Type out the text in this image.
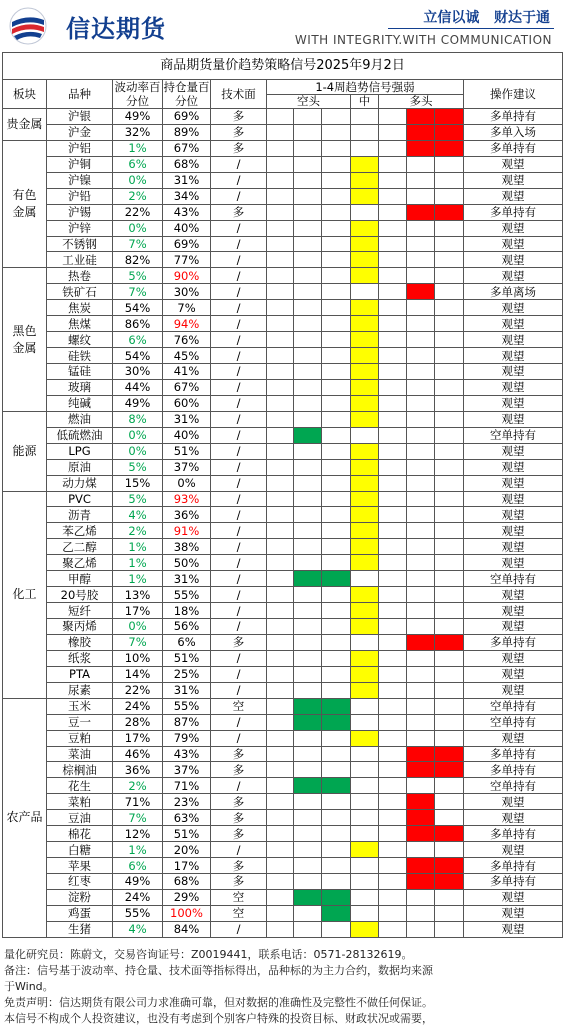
信达期货	立信以诚   财达于通
WITH INTEGRITY.WITH COMMUNICATION
商品期货量价趋势策略信号2025年9月2日												
板块	品种	波动率百分位	持仓量百分位	技术面	1-4周趋势信号强弱							操作建议
					空头			中	多头			
贵金属	沪银	49%	69%	多								多单持有
	沪金	32%	89%	多								多单入场
有色金属	沪铝	1%	67%	多								多单持有
	沪铜	6%	68%	/								观望
	沪镍	0%	31%	/								观望
	沪铅	2%	34%	/								观望
	沪锡	22%	43%	多								多单持有
	沪锌	0%	40%	/								观望
	不锈钢	7%	69%	/								观望
	工业硅	82%	77%	/								观望
黑色金属	热卷	5%	90%	/								观望
	铁矿石	7%	30%	/								多单离场
	焦炭	54%	7%	/								观望
	焦煤	86%	94%	/								观望
	螺纹	6%	76%	/								观望
	硅铁	54%	45%	/								观望
	锰硅	30%	41%	/								观望
	玻璃	44%	67%	/								观望
	纯碱	49%	60%	/								观望
能源	燃油	8%	31%	/								观望
	低硫燃油	0%	40%	/								空单持有
	LPG	0%	51%	/								观望
	原油	5%	37%	/								观望
	动力煤	15%	0%	/								观望
化工	PVC	5%	93%	/								观望
	沥青	4%	36%	/								观望
	苯乙烯	2%	91%	/								观望
	乙二醇	1%	38%	/								观望
	聚乙烯	1%	50%	/								观望
	甲醇	1%	31%	/								空单持有
	20号胶	13%	55%	/								观望
	短纤	17%	18%	/								观望
	聚丙烯	0%	56%	/								观望
	橡胶	7%	6%	多								多单持有
	纸浆	10%	51%	/								观望
	PTA	14%	25%	/								观望
	尿素	22%	31%	/								观望
农产品	玉米	24%	55%	空								空单持有
	豆一	28%	87%	/								空单持有
	豆粕	17%	79%	/								观望
	菜油	46%	43%	多								多单持有
	棕榈油	36%	37%	多								多单持有
	花生	2%	71%	/								空单持有
	菜粕	71%	23%	多								观望
	豆油	7%	63%	多								观望
	棉花	12%	51%	多								多单持有
	白糖	1%	20%	/								观望
	苹果	6%	17%	多								多单持有
	红枣	49%	68%	多								多单持有
	淀粉	24%	29%	空								观望
	鸡蛋	55%	100%	空								观望
	生猪	4%	84%	/								观望
量化研究员：陈蔚文，交易咨询证号：Z0019441，联系电话：0571-28132619。
备注：信号基于波动率、持仓量、技术面等指标得出，品种标的为主力合约，数据均来源
于Wind。
免责声明：信达期货有限公司力求准确可靠，但对数据的准确性及完整性不做任何保证。
本信号不构成个人投资建议，也没有考虑到个别客户特殊的投资目标、财政状况或需要，
